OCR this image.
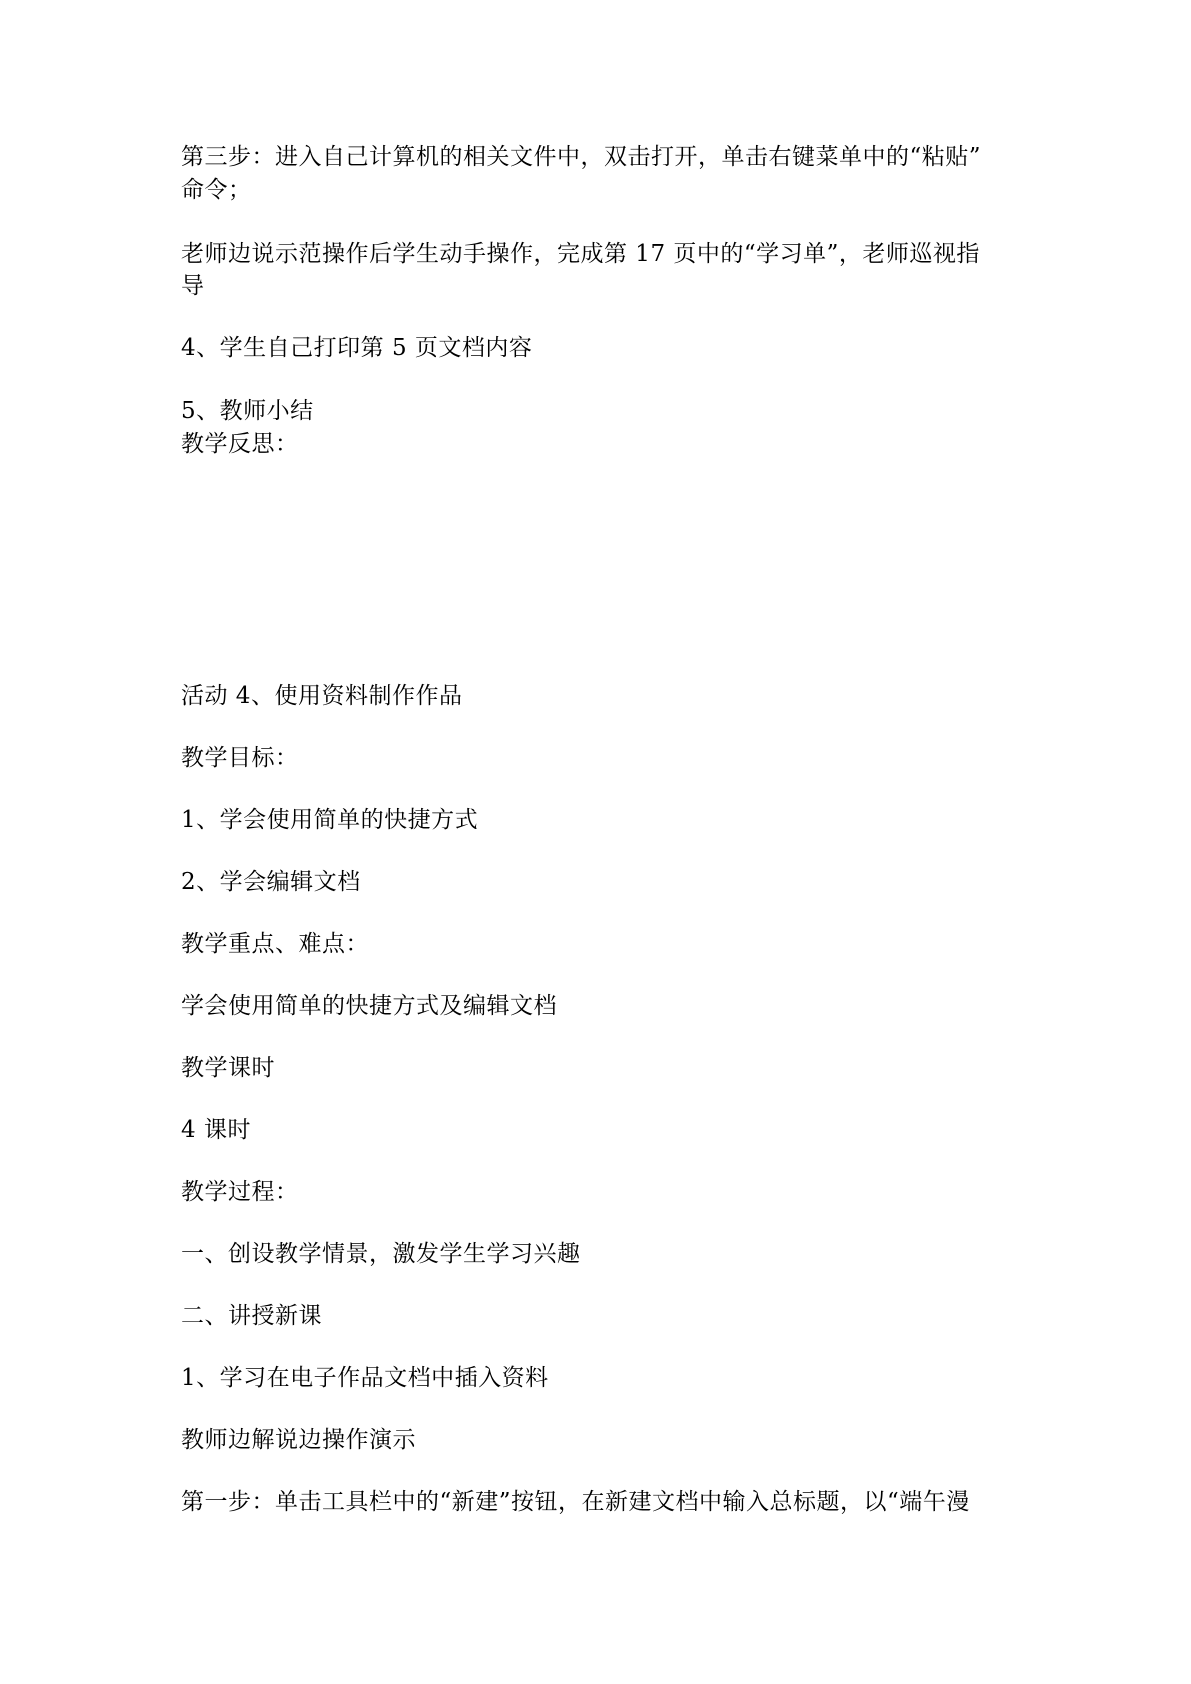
第三步：进入自己计算机的相关文件中，双击打开，单击右键菜单中的“粘贴”
命令；
老师边说示范操作后学生动手操作，完成第 17 页中的“学习单”，老师巡视指
导
4、学生自己打印第 5 页文档内容
5、教师小结
教学反思：
活动 4、使用资料制作作品
教学目标：
1、学会使用简单的快捷方式
2、学会编辑文档
教学重点、难点：
学会使用简单的快捷方式及编辑文档
教学课时
4 课时
教学过程：
一、创设教学情景，激发学生学习兴趣
二、讲授新课
1、学习在电子作品文档中插入资料
教师边解说边操作演示
第一步：单击工具栏中的“新建”按钮，在新建文档中输入总标题，以“端午漫
